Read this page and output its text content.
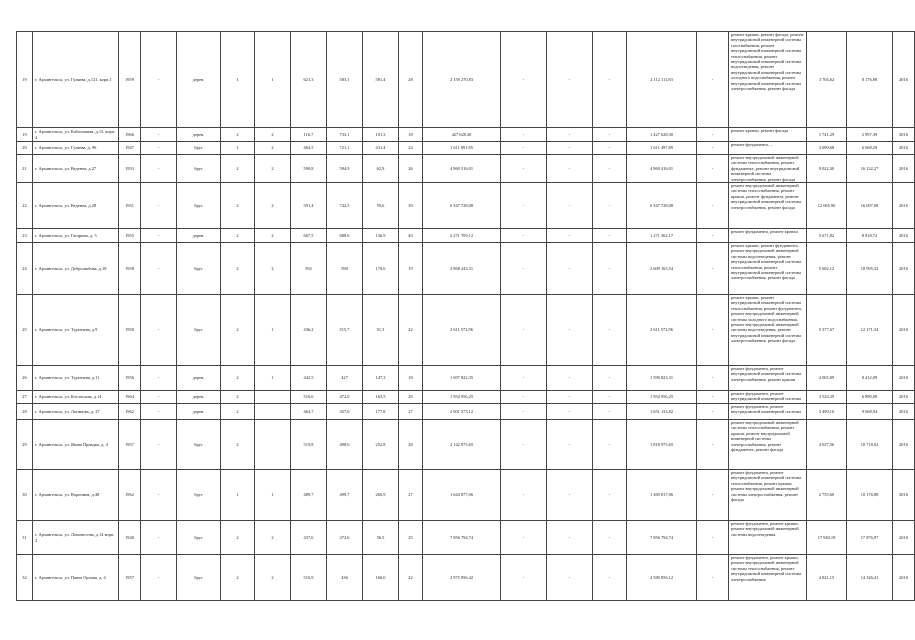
19	г. Архангельск, ул. Гуляева, д.121, корп.1	1959	-	дерев.	1	1	621,3	583,1	581,4	28	2 159 270,83	-	-	-	2 112 111,83	-	ремонт крыши, ремонт фасада, ремонт внутридомовой инженерной системы газоснабжения, ремонт внутридомовой инженерной системы теплоснабжения, ремонт внутридомовой инженерной системы водоотведения, ремонт внутридомовой инженерной системы холодного водоснабжения, ремонт внутридомовой инженерной системы электроснабжения, ремонт фасада	3 704,62	8 176,88	2016
19	г. Архангельск, ул. Каботажная, д.15, корп. 4	1966	-	дерев.	2	2	116,7	733,1	101,3	18	427 628,30	-	-	-	1 427 628,30	-	ремонт кровли, ремонт фасада	1 741,29	2 997,39	2016
20	г. Архангельск, ул. Гуляева, д. 96	1947	-	брус	1	2	464,5	721,1	431,4	24	1 611 891,85	-	-	-	1 611 497,89	-	ремонт фундамента, ...	3 090,68	6 668,29	2016
21	г. Архангельск, ул. Веденея, д.27	1953	-	брус	2	2	590,8	594,9	62,9	26	4 869 516,01	-	-	-	4 869 416,01	-	ремонт внутридомовой инженерной системы теплоснабжения, ремонт фундамента, ремонт внутридомовой инженерной системы электроснабжения, ремонт фасада	9 022,30	16 132,27	2016
22	г. Архангельск, ул. Веденея, д.28	1951	-	брус	2	2	591,4	742,5	59,6	30	6 547 728,08	-	-	-	6 547 728,08	-	ремонт внутридомовой инженерной системы теплоснабжения, ремонт крыши, ремонт фундамента, ремонт внутридомовой инженерной системы электроснабжения, ремонт фасада	12 065,90	16 697,08	2016
23	г. Архангельск, ул. Гагарина, д. 5	1955	-	дерев.	2	2	667,5	688,6	136,9	40	2 271 709,12	-	-	-	1 271 362,17	-	ремонт фундамента, ремонт кровли	5 671,82	8 818,72	2016
24	г. Архангельск, ул. Добролюбова, д.18	1958	-	брус	2	2	592	590	170,6	19	2 868 243,31	-	-	-	2 609 165,54	-	ремонт крыши, ремонт фундамента, ремонт внутридомовой инженерной системы водоотведения, ремонт внутридомовой инженерной системы теплоснабжения, ремонт внутридомовой инженерной системы электроснабжения, ремонт фасада	5 602,12	10 995,32	2016
25	г. Архангельск, ул. Тургенева, д.9	1950	-	брус	2	1	436,2	515,7	91,3	22	2 611 572,96	-	-	-	2 611 572,96	-	ремонт крыши, ремонт внутридомовой инженерной системы теплоснабжения, ремонт фундамента, ремонт внутридомовой инженерной системы холодного водоснабжения, ремонт внутридомовой инженерной системы водоотведения, ремонт внутридомовой инженерной системы электроснабжения, ремонт фасада	5 377,67	12 171,34	2016
26	г. Архангельск, ул. Тургенева, д.11	1956	-	дерев.	2	1	442,5	427	147,3	18	1 697 822,35	-	-	-	1 590 823,31	-	ремонт фундамента, ремонт внутридомовой инженерной системы электроснабжения, ремонт крыши	4 065,09	8 412,09	2016
27	г. Архангельск, ул. Котласская, д.14	1964	-	дерев.	2		516,6	472,0	165,5	26	1 954 956,25	-	-	-	1 954 956,25	-	ремонт фундамента, ремонт внутридомовой инженерной системы	3 524,39	6 890,08	2016
28	г. Архангельск, ул. Логинова, д. 27	1962	-	дерев.	2		464,7	457,6	177,8	27	2 001 573,12	-	-	-	1 651 133,82	-	ремонт фундамента, ремонт внутридомовой инженерной системы	3 490,16	9 668,94	2016
29	г. Архангельск, ул. Якова Приадко, д. 4	1957	-	брус	2		519,8	498,6	252,8	28	2 142 975,65	-	-	-	1 818 975,65	-	ремонт внутридомовой инженерной системы теплоснабжения, ремонт крыши, ремонт внутридомовой инженерной системы электроснабжения, ремонт фундамента, ремонт фасада	4 027,56	10 718,02	2016
30	г. Архангельск, ул. Воронина, д.48	1962	-	брус	1	1	489,7	499,7	260,9	27	1 644 877,06	-	-	-	1 369 817,06	-	ремонт фундамента, ремонт внутридомовой инженерной системы теплоснабжения, ремонт крыши, ремонт внутридомовой инженерной системы электроснабжения, ремонт фасада	2 755,60	10 176,88	2016
31	г. Архангельск, ул. Ломоносова, д.14 корп. 2	1940	-	брус	2	2	437,6	372,6	56,5	25	7 856 794,74	-	-	-	7 856 794,74	-	ремонт фундамента, ремонт крыши, ремонт внутридомовой инженерной системы водоотведения	17 940,18	17 876,97	2016
32	г. Архангельск, ул. Павла Орлова, д. 4	1957	-	брус	2	2	516,9	436	166,0	22	2 975 856,42	-	-	-	2 580 856,12	-	ремонт фундамента, ремонт крыши, ремонт внутридомовой инженерной системы теплоснабжения, ремонт внутридомовой инженерной системы электроснабжения	4 821,15	14 326,41	2016
